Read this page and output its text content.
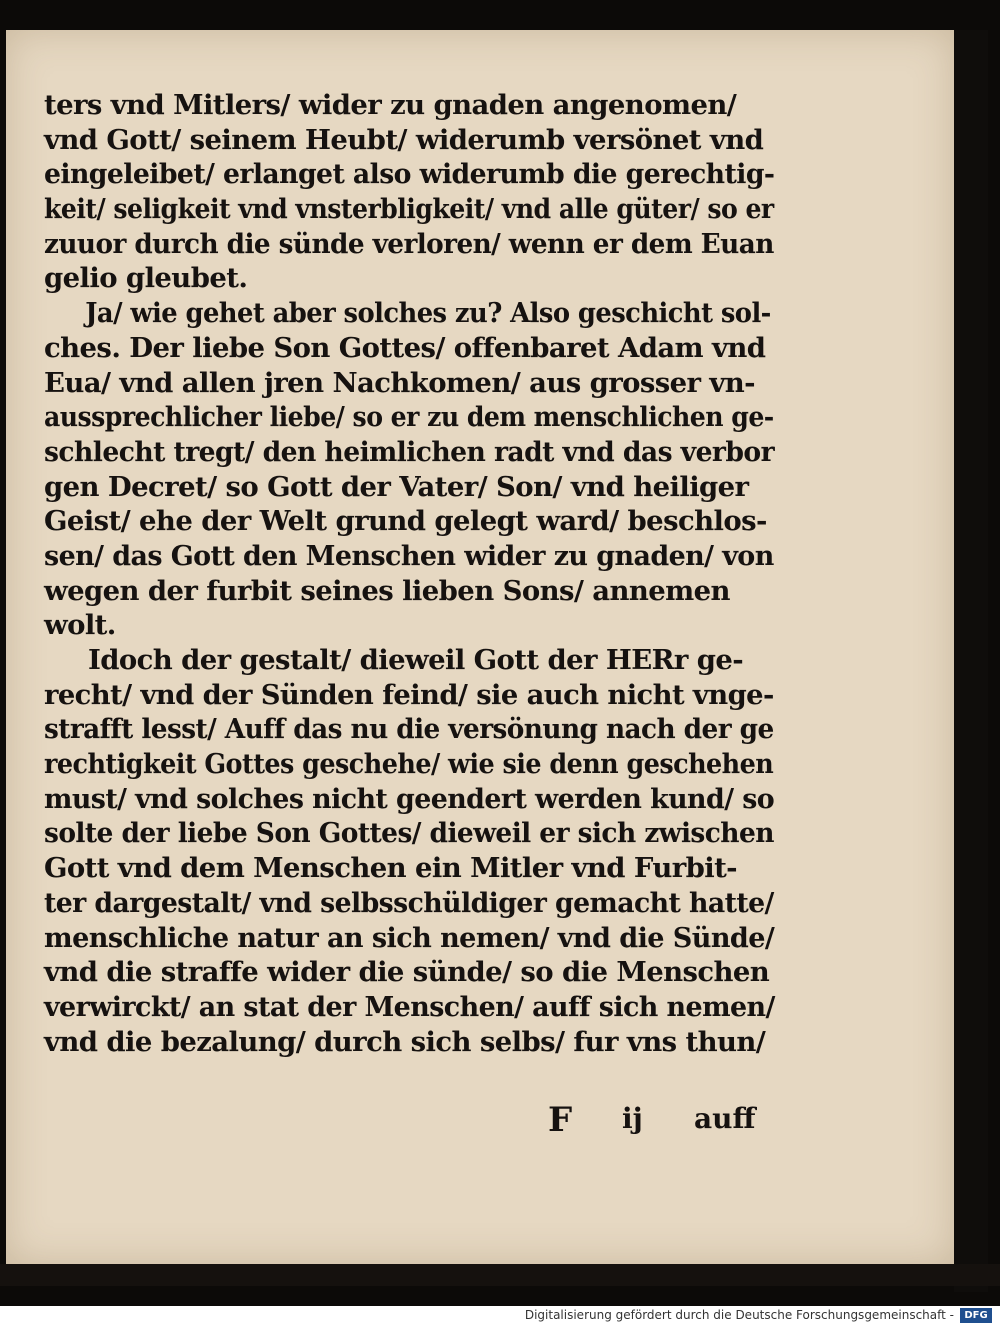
ters vnd Mitlers/ wider zu gnaden angenomen/
vnd Gott/ seinem Heubt/ widerumb versönet vnd
eingeleibet/ erlanget also widerumb die gerechtig-
keit/ seligkeit vnd vnsterbligkeit/ vnd alle güter/ so er
zuuor durch die sünde verloren/ wenn er dem Euan
gelio gleubet.
Ja/ wie gehet aber solches zu? Also geschicht sol-
ches. Der liebe Son Gottes/ offenbaret Adam vnd
Eua/ vnd allen jren Nachkomen/ aus grosser vn-
aussprechlicher liebe/ so er zu dem menschlichen ge-
schlecht tregt/ den heimlichen radt vnd das verbor
gen Decret/ so Gott der Vater/ Son/ vnd heiliger
Geist/ ehe der Welt grund gelegt ward/ beschlos-
sen/ das Gott den Menschen wider zu gnaden/ von
wegen der furbit seines lieben Sons/ annemen
wolt.
Idoch der gestalt/ dieweil Gott der HERr ge-
recht/ vnd der Sünden feind/ sie auch nicht vnge-
strafft lesst/ Auff das nu die versönung nach der ge
rechtigkeit Gottes geschehe/ wie sie denn geschehen
must/ vnd solches nicht geendert werden kund/ so
solte der liebe Son Gottes/ dieweil er sich zwischen
Gott vnd dem Menschen ein Mitler vnd Furbit-
ter dargestalt/ vnd selbsschüldiger gemacht hatte/
menschliche natur an sich nemen/ vnd die Sünde/
vnd die straffe wider die sünde/ so die Menschen
verwirckt/ an stat der Menschen/ auff sich nemen/
vnd die bezalung/ durch sich selbs/ fur vns thun/
F ij auff
Digitalisierung gefördert durch die Deutsche Forschungsgemeinschaft -	DFG
